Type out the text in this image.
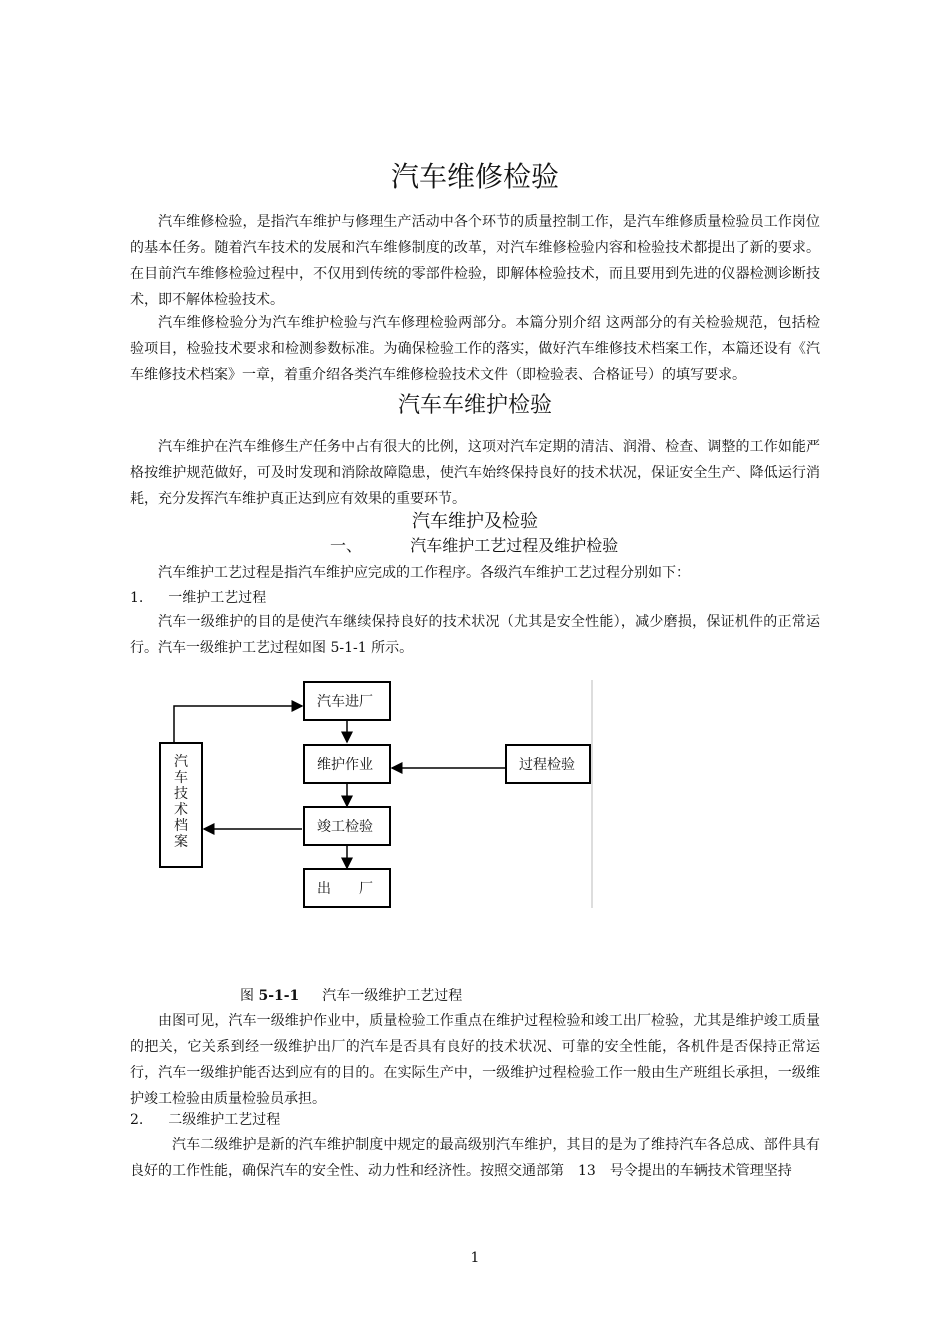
汽车维修检验

汽车维修检验，是指汽车维护与修理生产活动中各个环节的质量控制工作，是汽车维修质量检验员工作岗位的基本任务。随着汽车技术的发展和汽车维修制度的改革，对汽车维修检验内容和检验技术都提出了新的要求。在目前汽车维修检验过程中，不仅用到传统的零部件检验，即解体检验技术，而且要用到先进的仪器检测诊断技术，即不解体检验技术。

汽车维修检验分为汽车维护检验与汽车修理检验两部分。本篇分别介绍 这两部分的有关检验规范，包括检验项目，检验技术要求和检测参数标准。为确保检验工作的落实，做好汽车维修技术档案工作，本篇还设有《汽车维修技术档案》一章，着重介绍各类汽车维修检验技术文件（即检验表、合格证号）的填写要求。

汽车车维护检验

汽车维护在汽车维修生产任务中占有很大的比例，这项对汽车定期的清洁、润滑、检查、调整的工作如能严格按维护规范做好，可及时发现和消除故障隐患，使汽车始终保持良好的技术状况，保证安全生产、降低运行消耗，充分发挥汽车维护真正达到应有效果的重要环节。

汽车维护及检验
一、	汽车维护工艺过程及维护检验
汽车维护工艺过程是指汽车维护应完成的工作程序。各级汽车维护工艺过程分别如下：
1. 一维护工艺过程

汽车一级维护的目的是使汽车继续保持良好的技术状况（尤其是安全性能），减少磨损，保证机件的正常运行。汽车一级维护工艺过程如图 5-1-1 所示。

汽车进厂
维护作业	过程检验
竣工检验
出　　厂
汽
车
技
术
档
案
图 5-1-1 汽车一级维护工艺过程

由图可见，汽车一级维护作业中，质量检验工作重点在维护过程检验和竣工出厂检验，尤其是维护竣工质量的把关，它关系到经一级维护出厂的汽车是否具有良好的技术状况、可靠的安全性能，各机件是否保持正常运行，汽车一级维护能否达到应有的目的。在实际生产中，一级维护过程检验工作一般由生产班组长承担，一级维护竣工检验由质量检验员承担。

2. 二级维护工艺过程

汽车二级维护是新的汽车维护制度中规定的最高级别汽车维护，其目的是为了维持汽车各总成、部件具有良好的工作性能，确保汽车的安全性、动力性和经济性。按照交通部第　13　号令提出的车辆技术管理坚持

1
